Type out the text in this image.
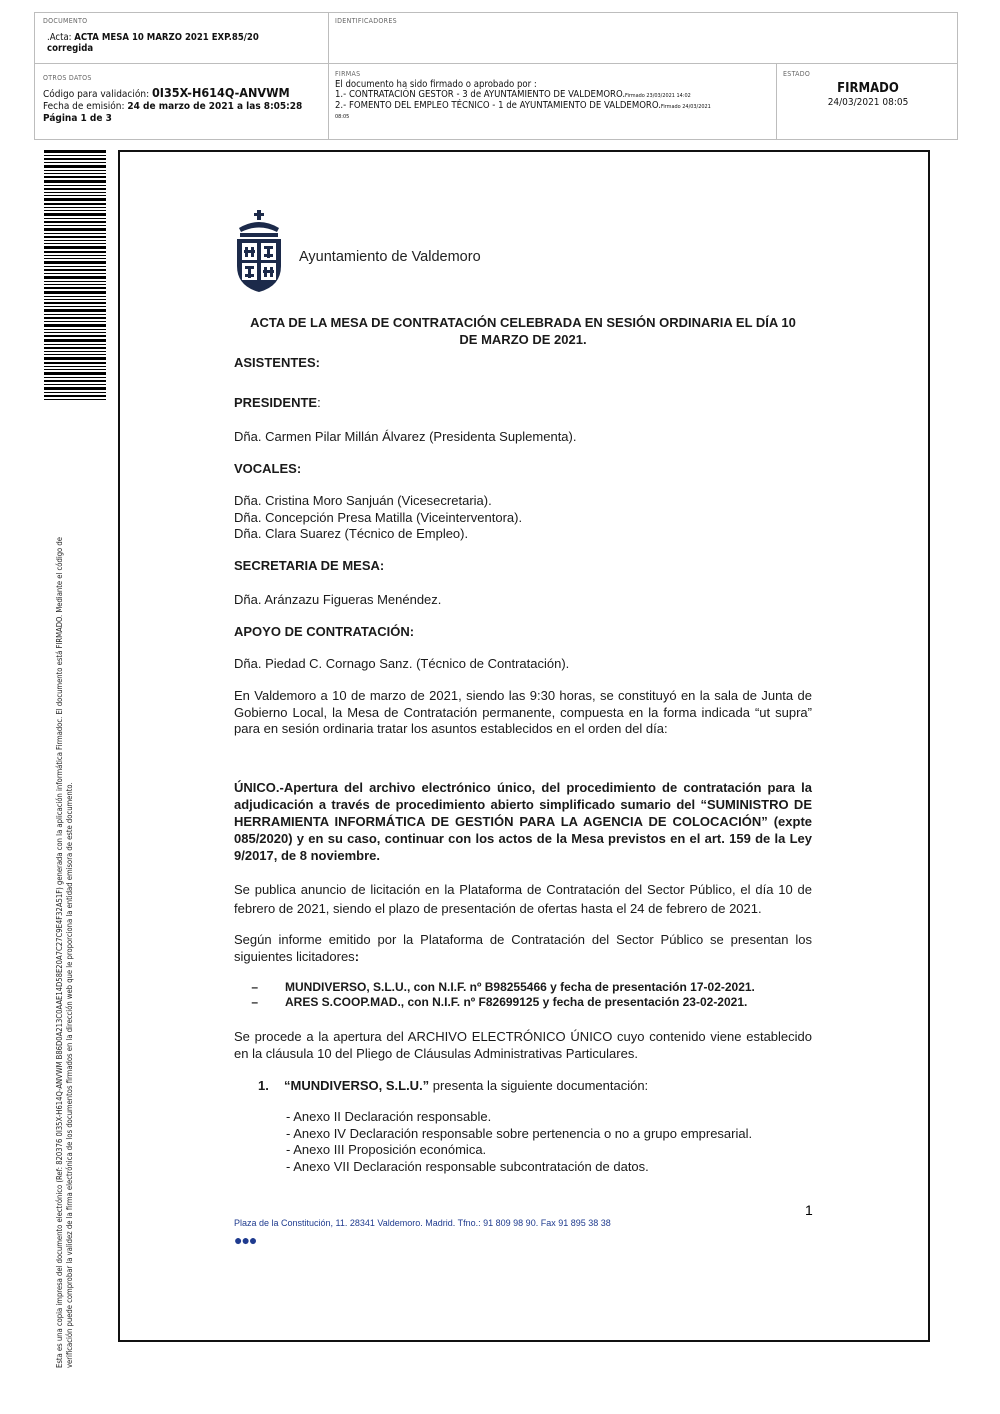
DOCUMENTO
.Acta: ACTA MESA 10 MARZO 2021 EXP.85/20
corregida
IDENTIFICADORES
OTROS DATOS
Código para validación: 0I35X-H614Q-ANVWM
Fecha de emisión: 24 de marzo de 2021 a las 8:05:28
Página 1 de 3
FIRMAS
El documento ha sido firmado o aprobado por :
1.- CONTRATACIÓN GESTOR - 3 de AYUNTAMIENTO DE VALDEMORO.Firmado 23/03/2021 14:02
2.- FOMENTO DEL EMPLEO TÉCNICO - 1 de AYUNTAMIENTO DE VALDEMORO.Firmado 24/03/2021
08:05
ESTADO
FIRMADO
24/03/2021 08:05
Esta es una copia impresa del documento electrónico (Ref: 820376 0I35X-H614Q-ANVWM B86D0A213C0AAE14D58E20A7C27C9E4F32A51F) generada con la aplicación informática Firmadoc. El documento está FIRMADO. Mediante el código de verificación puede comprobar la validez de la firma electrónica de los documentos firmados en la dirección web que le proporciona la entidad emisora de este documento.
Ayuntamiento de Valdemoro
ACTA DE LA MESA DE CONTRATACIÓN CELEBRADA EN SESIÓN ORDINARIA EL DÍA 10
DE MARZO DE 2021.
ASISTENTES:
PRESIDENTE:
Dña. Carmen Pilar Millán Álvarez (Presidenta Suplementa).
VOCALES:
Dña. Cristina Moro Sanjuán (Vicesecretaria).
Dña. Concepción Presa Matilla (Viceinterventora).
Dña. Clara Suarez (Técnico de Empleo).
SECRETARIA DE MESA:
Dña. Aránzazu Figueras Menéndez.
APOYO DE CONTRATACIÓN:
Dña. Piedad C. Cornago Sanz. (Técnico de Contratación).
En Valdemoro a 10 de marzo de 2021, siendo las 9:30 horas, se constituyó en la sala de Junta de Gobierno Local, la Mesa de Contratación permanente, compuesta en la forma indicada “ut supra” para en sesión ordinaria tratar los asuntos establecidos en el orden del día:
ÚNICO.-Apertura del archivo electrónico único, del procedimiento de contratación para la adjudicación a través de procedimiento abierto simplificado sumario del “SUMINISTRO DE HERRAMIENTA INFORMÁTICA DE GESTIÓN PARA LA AGENCIA DE COLOCACIÓN” (expte 085/2020) y en su caso, continuar con los actos de la Mesa previstos en el art. 159 de la Ley 9/2017, de 8 noviembre.
Se publica anuncio de licitación en la Plataforma de Contratación del Sector Público, el día 10 de febrero de 2021, siendo el plazo de presentación de ofertas hasta el 24 de febrero de 2021.
Según informe emitido por la Plataforma de Contratación del Sector Público se presentan los siguientes licitadores:
– MUNDIVERSO, S.L.U., con N.I.F. nº B98255466 y fecha de presentación 17-02-2021.
– ARES S.COOP.MAD., con N.I.F. nº F82699125 y fecha de presentación 23-02-2021.
Se procede a la apertura del ARCHIVO ELECTRÓNICO ÚNICO cuyo contenido viene establecido en la cláusula 10 del Pliego de Cláusulas Administrativas Particulares.
1. “MUNDIVERSO, S.L.U.” presenta la siguiente documentación:
- Anexo II Declaración responsable.
- Anexo IV Declaración responsable sobre pertenencia o no a grupo empresarial.
- Anexo III Proposición económica.
- Anexo VII Declaración responsable subcontratación de datos.
1
Plaza de la Constitución, 11. 28341 Valdemoro. Madrid. Tfno.: 91 809 98 90. Fax 91 895 38 38
●●●
